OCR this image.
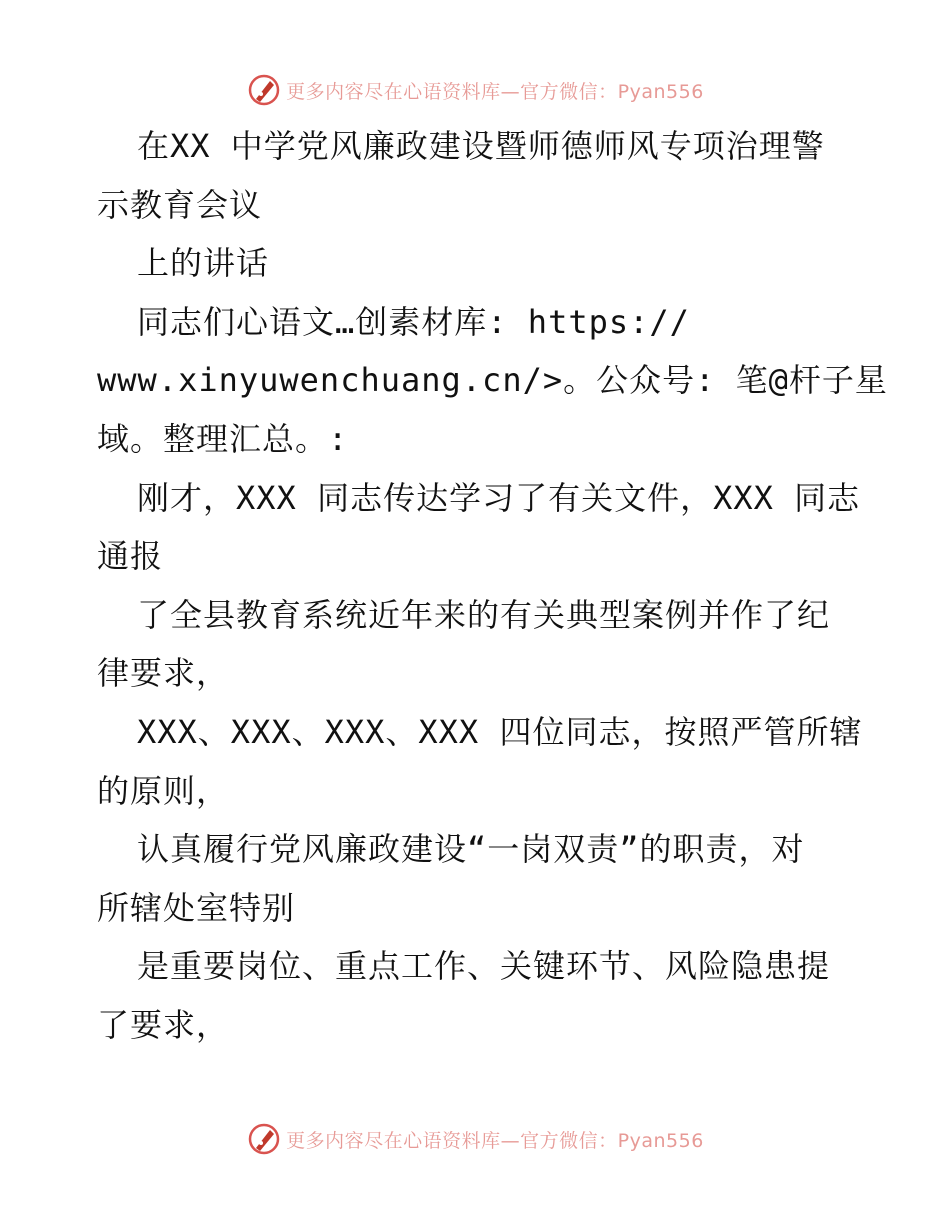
更多内容尽在心语资料库—官方微信：Pyan556
在XX 中学党风廉政建设暨师德师风专项治理警
示教育会议
上的讲话
同志们心语文…创素材库: https://
www.xinyuwenchuang.cn/>。公众号: 笔@杆子星
域。整理汇总。:
刚才，XXX 同志传达学习了有关文件，XXX 同志
通报
了全县教育系统近年来的有关典型案例并作了纪
律要求，
XXX、XXX、XXX、XXX 四位同志，按照严管所辖
的原则，
认真履行党风廉政建设“一岗双责”的职责，对
所辖处室特别
是重要岗位、重点工作、关键环节、风险隐患提
了要求，
更多内容尽在心语资料库—官方微信：Pyan556
